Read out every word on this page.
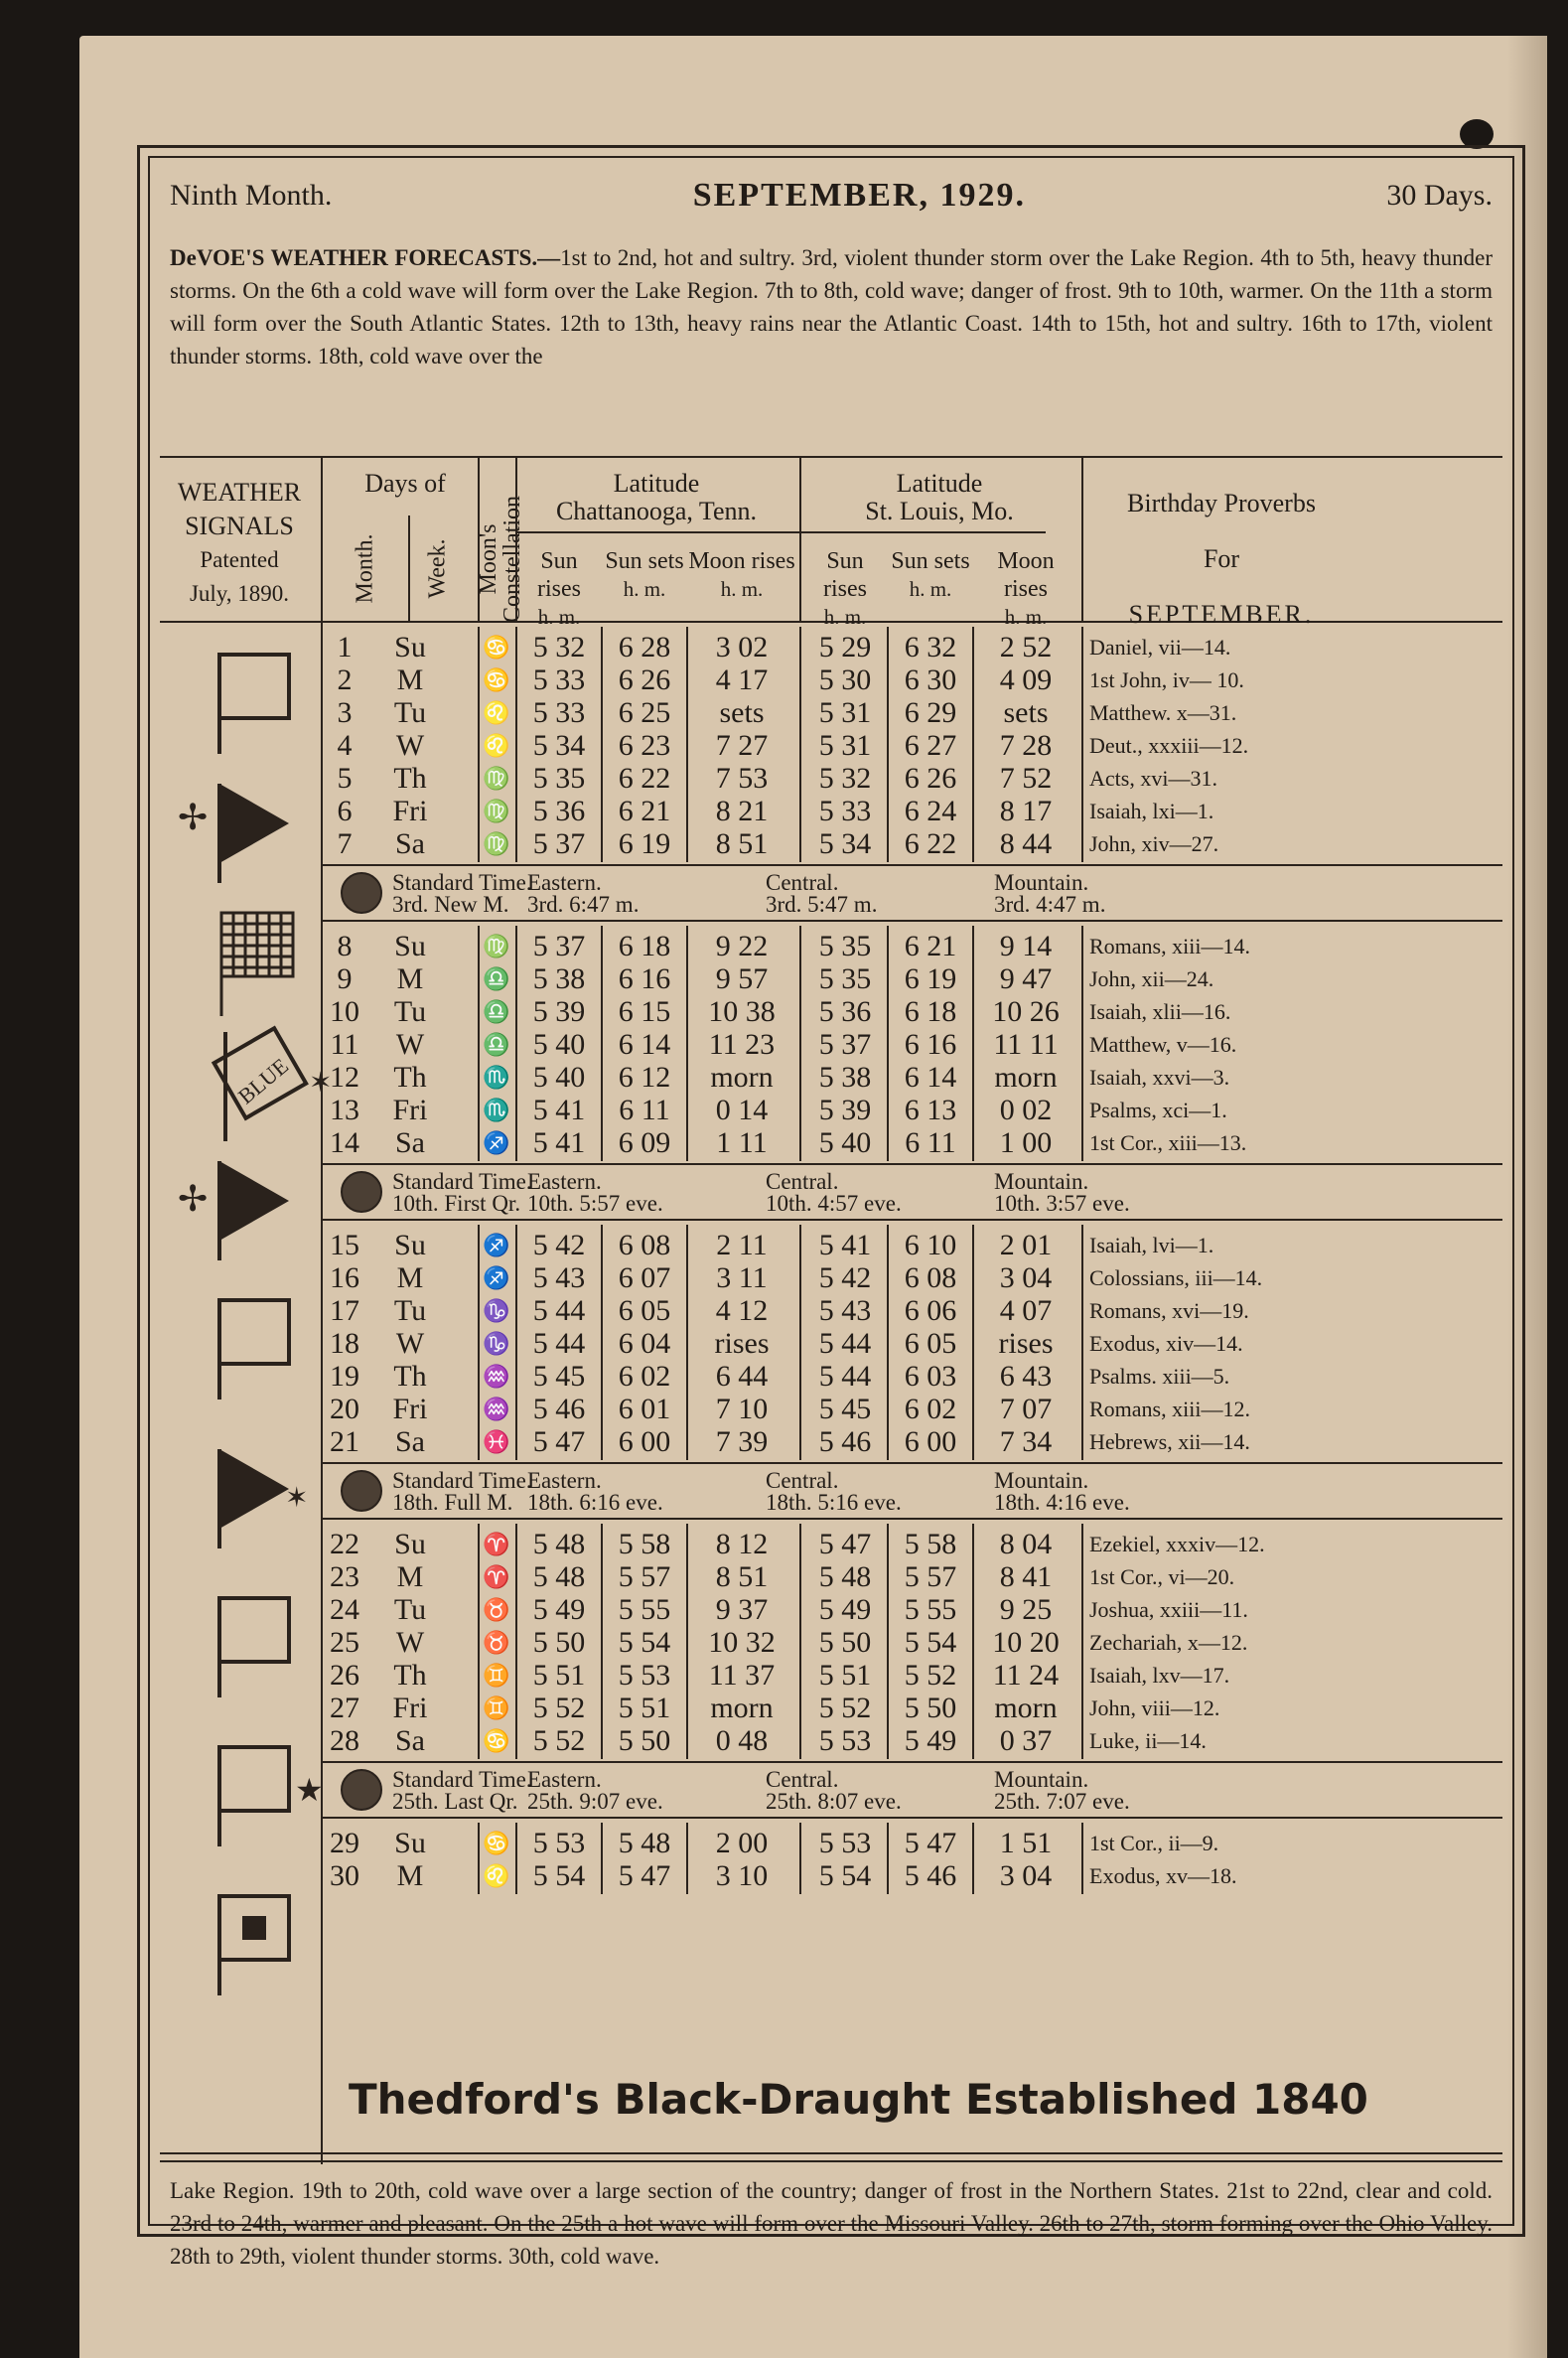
Ninth Month.	SEPTEMBER, 1929.	30 Days.
DeVOE'S WEATHER FORECASTS.—1st to 2nd, hot and sultry. 3rd, violent thunder storm over the Lake Region. 4th to 5th, heavy thunder storms. On the 6th a cold wave will form over the Lake Region. 7th to 8th, cold wave; danger of frost. 9th to 10th, warmer. On the 11th a storm will form over the South Atlantic States. 12th to 13th, heavy rains near the Atlantic Coast. 14th to 15th, hot and sultry. 16th to 17th, violent thunder storms. 18th, cold wave over the
WEATHER
SIGNALS
Patented
July, 1890.
Days of
Month. Week. Moon's
Constellation
Latitude
Chattanooga, Tenn.
Latitude
St. Louis, Mo.
Sun rises
h. m.
Sun sets
h. m.
Moon rises
h. m.
Sun rises
h. m.
Sun sets
h. m.
Moon rises
h. m.
Birthday Proverbs
For
SEPTEMBER.
1	Su	♋ 5 32	6 28	3 02	5 29	6 32	2 52	Daniel, vii—14.
2	M	♋ 5 33	6 26	4 17	5 30	6 30	4 09	1st John, iv— 10.
3	Tu	♌ 5 33	6 25	sets	5 31	6 29	sets	Matthew. x—31.
4	W	♌ 5 34	6 23	7 27	5 31	6 27	7 28	Deut., xxxiii—12.
5	Th	♍ 5 35	6 22	7 53	5 32	6 26	7 52	Acts, xvi—31.
6	Fri	♍ 5 36	6 21	8 21	5 33	6 24	8 17	Isaiah, lxi—1.
7	Sa	♍ 5 37	6 19	8 51	5 34	6 22	8 44	John, xiv—27.
Standard Time.
3rd. New M.
Eastern.
3rd. 6:47 m.
Central.
3rd. 5:47 m.
Mountain.
3rd. 4:47 m.
8	Su	♍ 5 37	6 18	9 22	5 35	6 21	9 14	Romans, xiii—14.
9	M	♎ 5 38	6 16	9 57	5 35	6 19	9 47	John, xii—24.
10	Tu	♎ 5 39	6 15	10 38	5 36	6 18	10 26	Isaiah, xlii—16.
11	W	♎ 5 40	6 14	11 23	5 37	6 16	11 11	Matthew, v—16.
12	Th	♏ 5 40	6 12	morn	5 38	6 14	morn	Isaiah, xxvi—3.
13	Fri	♏ 5 41	6 11	0 14	5 39	6 13	0 02	Psalms, xci—1.
14	Sa	♐ 5 41	6 09	1 11	5 40	6 11	1 00	1st Cor., xiii—13.
Standard Time.
10th. First Qr.
Eastern.
10th. 5:57 eve.
Central.
10th. 4:57 eve.
Mountain.
10th. 3:57 eve.
15	Su	♐ 5 42	6 08	2 11	5 41	6 10	2 01	Isaiah, lvi—1.
16	M	♐ 5 43	6 07	3 11	5 42	6 08	3 04	Colossians, iii—14.
17	Tu	♑ 5 44	6 05	4 12	5 43	6 06	4 07	Romans, xvi—19.
18	W	♑ 5 44	6 04	rises	5 44	6 05	rises	Exodus, xiv—14.
19	Th	♒ 5 45	6 02	6 44	5 44	6 03	6 43	Psalms. xiii—5.
20	Fri	♒ 5 46	6 01	7 10	5 45	6 02	7 07	Romans, xiii—12.
21	Sa	♓ 5 47	6 00	7 39	5 46	6 00	7 34	Hebrews, xii—14.
Standard Time.
18th. Full M.
Eastern.
18th. 6:16 eve.
Central.
18th. 5:16 eve.
Mountain.
18th. 4:16 eve.
22	Su	♈ 5 48	5 58	8 12	5 47	5 58	8 04	Ezekiel, xxxiv—12.
23	M	♈ 5 48	5 57	8 51	5 48	5 57	8 41	1st Cor., vi—20.
24	Tu	♉ 5 49	5 55	9 37	5 49	5 55	9 25	Joshua, xxiii—11.
25	W	♉ 5 50	5 54	10 32	5 50	5 54	10 20	Zechariah, x—12.
26	Th	♊ 5 51	5 53	11 37	5 51	5 52	11 24	Isaiah, lxv—17.
27	Fri	♊ 5 52	5 51	morn	5 52	5 50	morn	John, viii—12.
28	Sa	♋ 5 52	5 50	0 48	5 53	5 49	0 37	Luke, ii—14.
Standard Time.
25th. Last Qr.
Eastern.
25th. 9:07 eve.
Central.
25th. 8:07 eve.
Mountain.
25th. 7:07 eve.
29	Su	♋ 5 53	5 48	2 00	5 53	5 47	1 51	1st Cor., ii—9.
30	M	♌ 5 54	5 47	3 10	5 54	5 46	3 04	Exodus, xv—18.
✢
BLUE ✶
✢
✶
★
Thedford's Black-Draught Established 1840
Lake Region. 19th to 20th, cold wave over a large section of the country; danger of frost in the Northern States. 21st to 22nd, clear and cold. 23rd to 24th, warmer and pleasant. On the 25th a hot wave will form over the Missouri Valley. 26th to 27th, storm forming over the Ohio Valley. 28th to 29th, violent thunder storms. 30th, cold wave.
